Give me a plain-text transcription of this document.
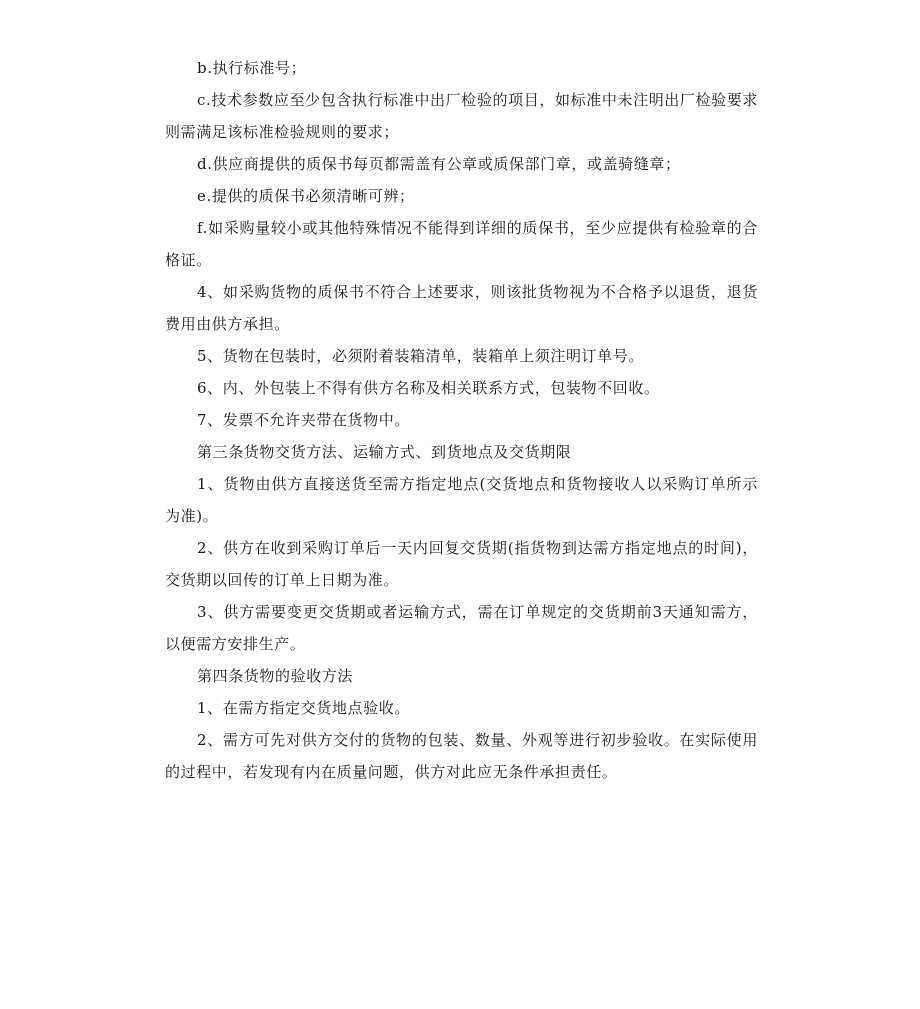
b.执行标准号；

c.技术参数应至少包含执行标准中出厂检验的项目，如标准中未注明出厂检验要求则需满足该标准检验规则的要求；

d.供应商提供的质保书每页都需盖有公章或质保部门章，或盖骑缝章；

e.提供的质保书必须清晰可辨；

f.如采购量较小或其他特殊情况不能得到详细的质保书，至少应提供有检验章的合格证。

4、如采购货物的质保书不符合上述要求，则该批货物视为不合格予以退货，退货费用由供方承担。

5、货物在包装时，必须附着装箱清单，装箱单上须注明订单号。

6、内、外包装上不得有供方名称及相关联系方式，包装物不回收。

7、发票不允许夹带在货物中。

第三条货物交货方法、运输方式、到货地点及交货期限

1、货物由供方直接送货至需方指定地点(交货地点和货物接收人以采购订单所示为准)。

2、供方在收到采购订单后一天内回复交货期(指货物到达需方指定地点的时间)，交货期以回传的订单上日期为准。

3、供方需要变更交货期或者运输方式，需在订单规定的交货期前3天通知需方，以便需方安排生产。

第四条货物的验收方法

1、在需方指定交货地点验收。

2、需方可先对供方交付的货物的包装、数量、外观等进行初步验收。在实际使用的过程中，若发现有内在质量问题，供方对此应无条件承担责任。
